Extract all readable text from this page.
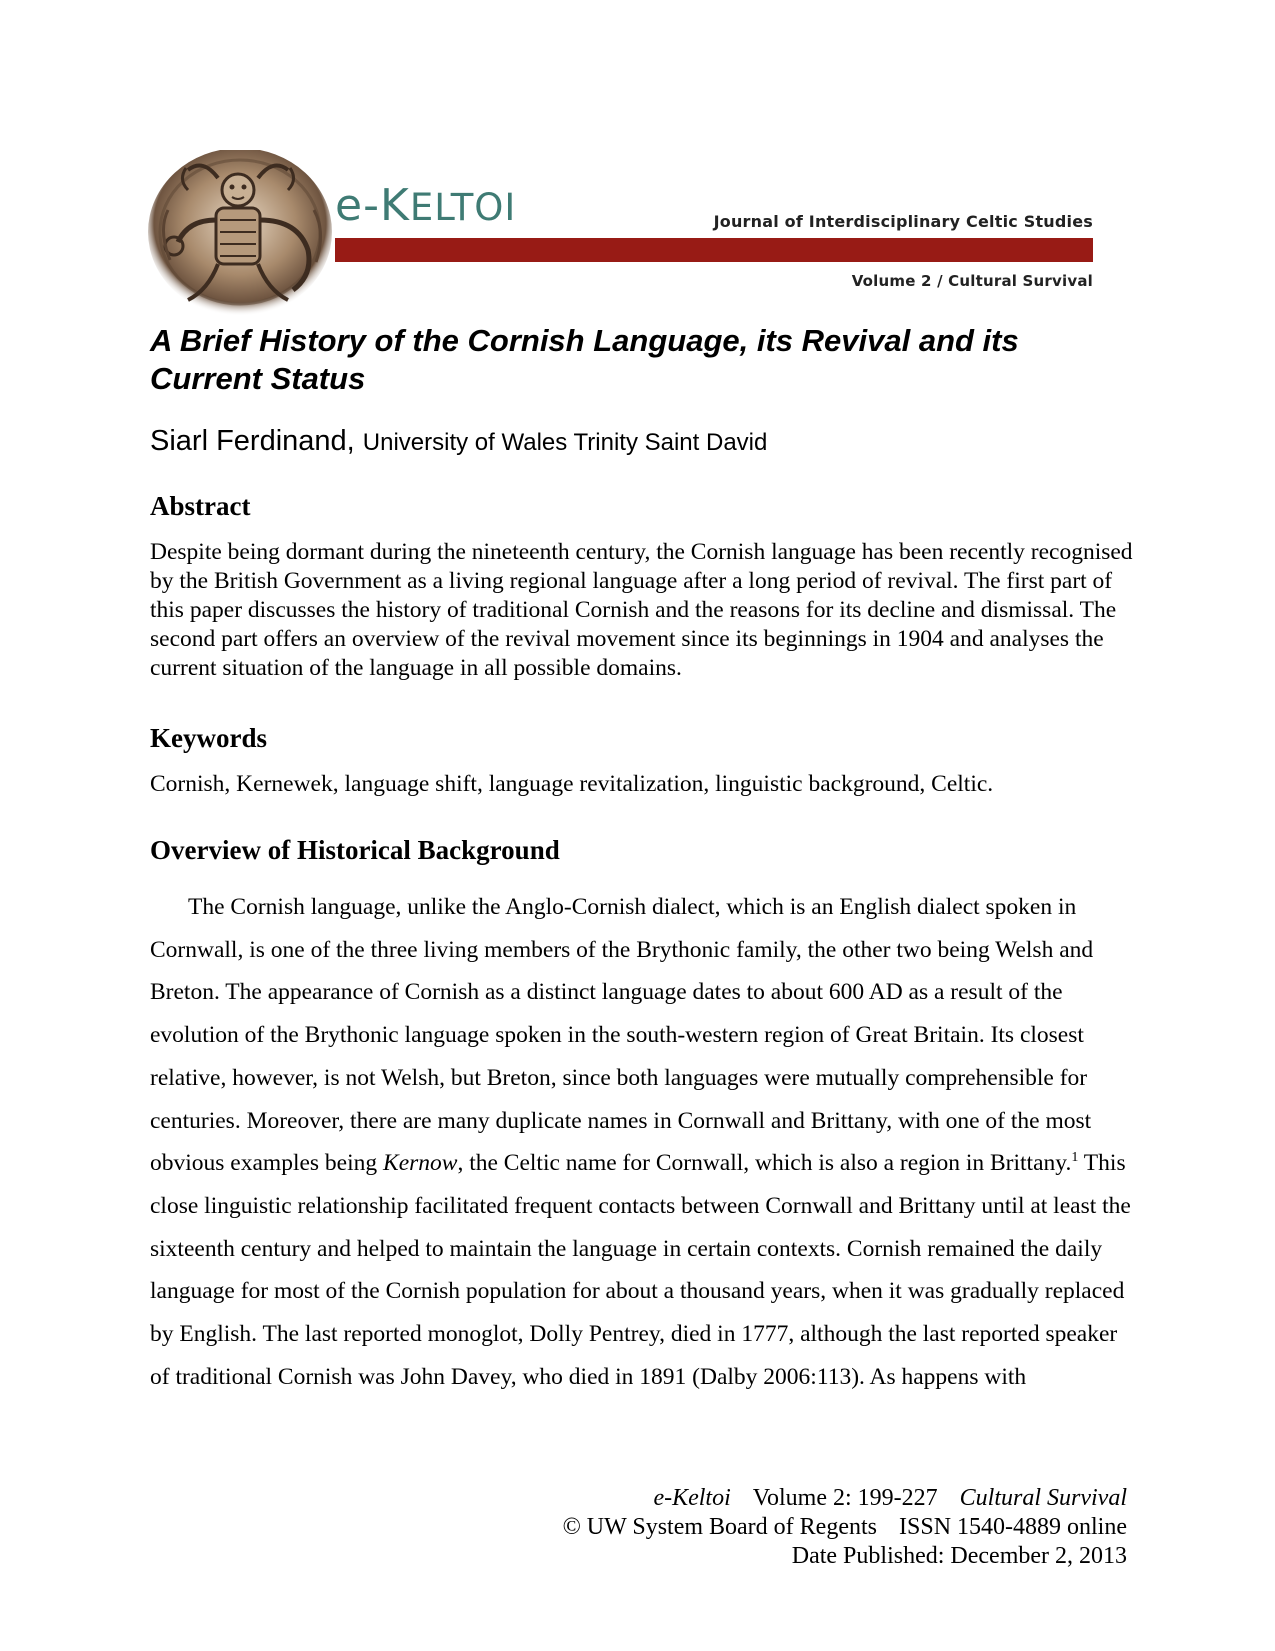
e-KELTOI	Journal of Interdisciplinary Celtic Studies
Volume 2 / Cultural Survival
A Brief History of the Cornish Language, its Revival and its Current Status

Siarl Ferdinand, University of Wales Trinity Saint David

Abstract

Despite being dormant during the nineteenth century, the Cornish language has been recently recognised by the British Government as a living regional language after a long period of revival. The first part of this paper discusses the history of traditional Cornish and the reasons for its decline and dismissal. The second part offers an overview of the revival movement since its beginnings in 1904 and analyses the current situation of the language in all possible domains.

Keywords

Cornish, Kernewek, language shift, language revitalization, linguistic background, Celtic.

Overview of Historical Background

The Cornish language, unlike the Anglo-Cornish dialect, which is an English dialect spoken in Cornwall, is one of the three living members of the Brythonic family, the other two being Welsh and Breton. The appearance of Cornish as a distinct language dates to about 600 AD as a result of the evolution of the Brythonic language spoken in the south-western region of Great Britain. Its closest relative, however, is not Welsh, but Breton, since both languages were mutually comprehensible for centuries. Moreover, there are many duplicate names in Cornwall and Brittany, with one of the most obvious examples being Kernow, the Celtic name for Cornwall, which is also a region in Brittany.$^1$ This close linguistic relationship facilitated frequent contacts between Cornwall and Brittany until at least the sixteenth century and helped to maintain the language in certain contexts. Cornish remained the daily language for most of the Cornish population for about a thousand years, when it was gradually replaced by English. The last reported monoglot, Dolly Pentrey, died in 1777, although the last reported speaker of traditional Cornish was John Davey, who died in 1891 (Dalby 2006:113). As happens with

e-Keltoi Volume 2: 199-227 Cultural Survival
© UW System Board of Regents ISSN 1540-4889 online
Date Published: December 2, 2013
